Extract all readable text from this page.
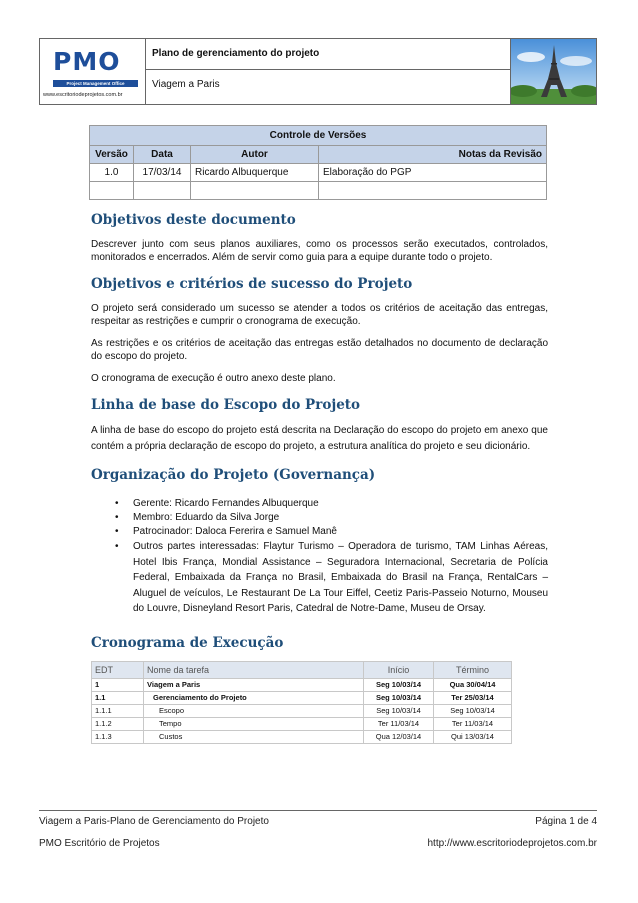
PMO
Project Management Office
www.escritoriodeprojetos.com.br
Plano de gerenciamento do projeto
Viagem a Paris
Controle de Versões			
Versão	Data	Autor	Notas da Revisão
1.0	17/03/14	Ricardo Albuquerque	Elaboração do PGP

Objetivos deste documento

Descrever junto com seus planos auxiliares, como os processos serão executados, controlados, monitorados e encerrados. Além de servir como guia para a equipe durante todo o projeto.

Objetivos e critérios de sucesso do Projeto

O projeto será considerado um sucesso se atender a todos os critérios de aceitação das entregas, respeitar as restrições e cumprir o cronograma de execução.

As restrições e os critérios de aceitação das entregas estão detalhados no documento de declaração do escopo do projeto.

O cronograma de execução é outro anexo deste plano.

Linha de base do Escopo do Projeto

A linha de base do escopo do projeto está descrita na Declaração do escopo do projeto em anexo que contém a própria declaração de escopo do projeto, a estrutura analítica do projeto e seu dicionário.

Organização do Projeto (Governança)
• Gerente: Ricardo Fernandes Albuquerque
• Membro: Eduardo da Silva Jorge
• Patrocinador: Daloca Fererira e Samuel Manê
• Outros partes interessadas: Flaytur Turismo – Operadora de turismo, TAM Linhas Aéreas, Hotel Ibis França, Mondial Assistance – Seguradora Internacional, Secretaria de Polícia Federal, Embaixada da França no Brasil, Embaixada do Brasil na França, RentalCars – Aluguel de veículos, Le Restaurant De La Tour Eiffel, Ceetiz Paris-Passeio Noturno, Mouseu do Louvre, Disneyland Resort Paris, Catedral de Notre-Dame, Museu de Orsay.
Cronograma de Execução
EDT	Nome da tarefa	Início	Término
1	Viagem a Paris	Seg 10/03/14	Qua 30/04/14
1.1	Gerenciamento do Projeto	Seg 10/03/14	Ter 25/03/14
1.1.1	Escopo	Seg 10/03/14	Seg 10/03/14
1.1.2	Tempo	Ter 11/03/14	Ter 11/03/14
1.1.3	Custos	Qua 12/03/14	Qui 13/03/14
Viagem a Paris-Plano de Gerenciamento do Projeto	Página 1 de 4
PMO Escritório de Projetos	http://www.escritoriodeprojetos.com.br
